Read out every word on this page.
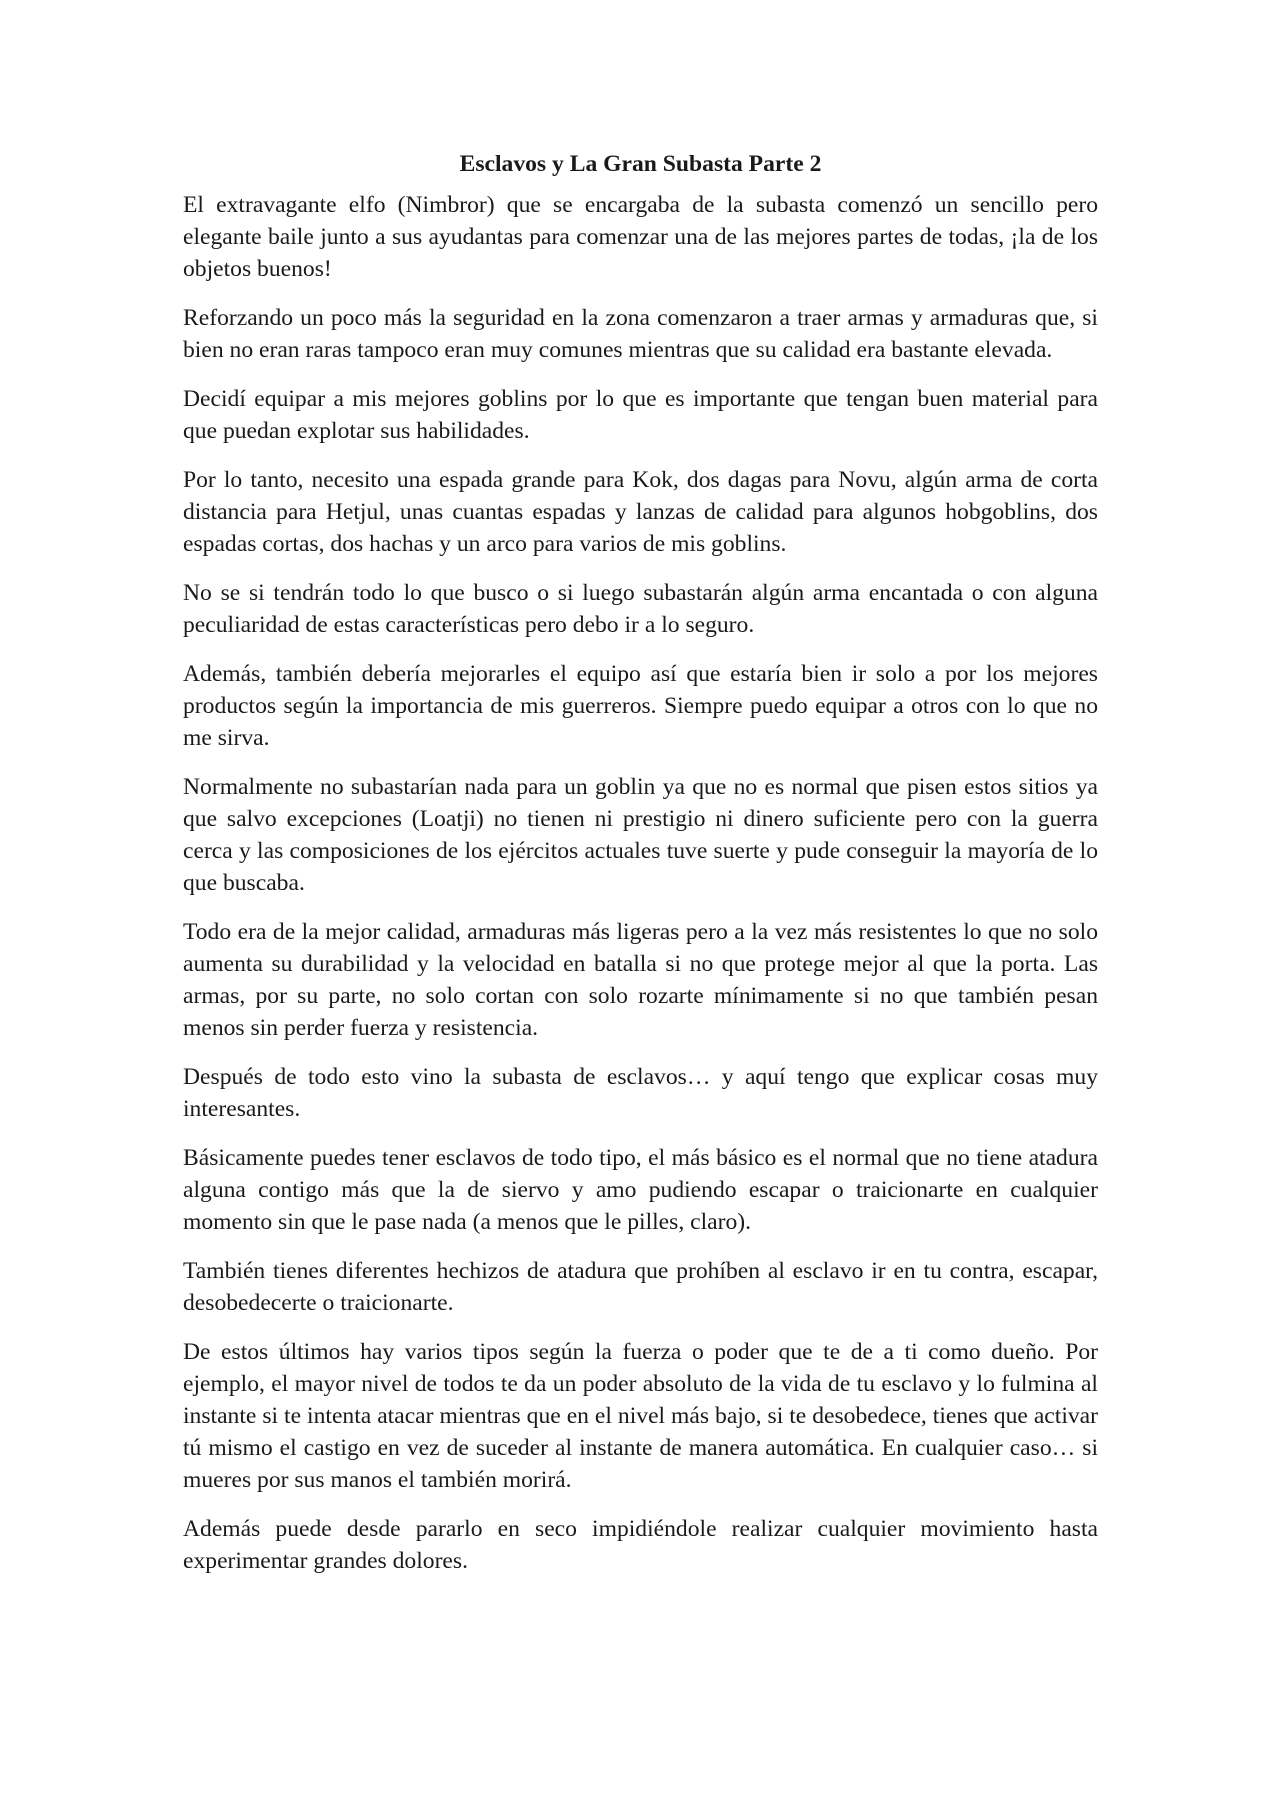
Esclavos y La Gran Subasta Parte 2

El extravagante elfo (Nimbror) que se encargaba de la subasta comenzó un sencillo pero elegante baile junto a sus ayudantas para comenzar una de las mejores partes de todas, ¡la de los objetos buenos!

Reforzando un poco más la seguridad en la zona comenzaron a traer armas y armaduras que, si bien no eran raras tampoco eran muy comunes mientras que su calidad era bastante elevada.

Decidí equipar a mis mejores goblins por lo que es importante que tengan buen material para que puedan explotar sus habilidades.

Por lo tanto, necesito una espada grande para Kok, dos dagas para Novu, algún arma de corta distancia para Hetjul, unas cuantas espadas y lanzas de calidad para algunos hobgoblins, dos espadas cortas, dos hachas y un arco para varios de mis goblins.

No se si tendrán todo lo que busco o si luego subastarán algún arma encantada o con alguna peculiaridad de estas características pero debo ir a lo seguro.

Además, también debería mejorarles el equipo así que estaría bien ir solo a por los mejores productos según la importancia de mis guerreros. Siempre puedo equipar a otros con lo que no me sirva.

Normalmente no subastarían nada para un goblin ya que no es normal que pisen estos sitios ya que salvo excepciones (Loatji) no tienen ni prestigio ni dinero suficiente pero con la guerra cerca y las composiciones de los ejércitos actuales tuve suerte y pude conseguir la mayoría de lo que buscaba.

Todo era de la mejor calidad, armaduras más ligeras pero a la vez más resistentes lo que no solo aumenta su durabilidad y la velocidad en batalla si no que protege mejor al que la porta. Las armas, por su parte, no solo cortan con solo rozarte mínimamente si no que también pesan menos sin perder fuerza y resistencia.

Después de todo esto vino la subasta de esclavos… y aquí tengo que explicar cosas muy interesantes.

Básicamente puedes tener esclavos de todo tipo, el más básico es el normal que no tiene atadura alguna contigo más que la de siervo y amo pudiendo escapar o traicionarte en cualquier momento sin que le pase nada (a menos que le pilles, claro).

También tienes diferentes hechizos de atadura que prohíben al esclavo ir en tu contra, escapar, desobedecerte o traicionarte.

De estos últimos hay varios tipos según la fuerza o poder que te de a ti como dueño. Por ejemplo, el mayor nivel de todos te da un poder absoluto de la vida de tu esclavo y lo fulmina al instante si te intenta atacar mientras que en el nivel más bajo, si te desobedece, tienes que activar tú mismo el castigo en vez de suceder al instante de manera automática. En cualquier caso… si mueres por sus manos el también morirá.

Además puede desde pararlo en seco impidiéndole realizar cualquier movimiento hasta experimentar grandes dolores.
